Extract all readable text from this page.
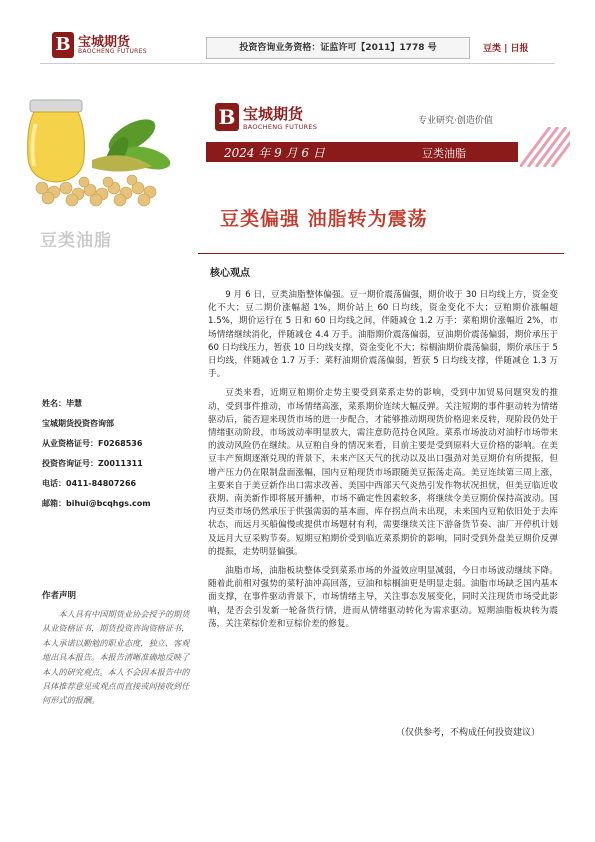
B 宝城期货
BAOCHENG FUTURES	投资咨询业务资格：证监许可【2011】1778 号	豆类 | 日报
豆类油脂
B 宝城期货
BAOCHENG FUTURES
专业研究·创造价值
2024 年 9 月 6 日	豆类油脂
豆类偏强 油脂转为震荡
核心观点

9 月 6 日，豆类油脂整体偏强。豆一期价震荡偏强，期价收于 30 日均线上方，资金变化不大；豆二期价涨幅超 1%，期价站上 60 日均线，资金变化不大；豆粕期价涨幅超 1.5%，期价运行在 5 日和 60 日均线之间，伴随减仓 1.2 万手：菜粕期价涨幅近 2%，市场情绪继续消化，伴随减仓 4.4 万手。油脂期价震荡偏弱，豆油期价震荡偏弱，期价承压于 60 日均线压力，暂获 10 日均线支撑，资金变化不大；棕榈油期价震荡偏弱，期价承压于 5 日均线，伴随减仓 1.7 万手：菜籽油期价震荡偏弱，暂获 5 日均线支撑，伴随减仓 1.3 万手。

豆类来看，近期豆粕期价走势主要受到菜系走势的影响，受到中加贸易问题突发的推动，受到事件推动，市场情绪高涨，菜系期价连续大幅反弹。关注短期的事件驱动转为情绪驱动后，能否迎来现货市场的进一步配合，才能够推动期现货价格迎来反转，现阶段仍处于情绪驱动阶段，市场波动率明显放大，需注意防范持仓风险。菜系市场波动对油籽市场带来的波动风险仍在继续。从豆粕自身的情况来看，目前主要是受到原料大豆价格的影响。在美豆丰产预期逐渐兑现的背景下，未来产区天气的扰动以及出口强劲对美豆期价有所提振，但增产压力仍在限制盘面涨幅，国内豆粕现货市场跟随美豆振荡走高。美豆连续第三周上涨，主要来自于美豆新作出口需求改善、美国中西部天气炎热引发作物状况担忧，但美豆临近收获期、南美新作即将展开播种，市场不确定性因素较多，将继续令美豆期价保持高波动。国内豆类市场仍然承压于供强需弱的基本面，库存拐点尚未出现，未来国内豆粕依旧处于去库状态，而远月买船偏慢或提供市场题材有利，需要继续关注下游备货节奏、油厂开停机计划及远月大豆采购节奏。短期豆粕期价受到临近菜系期价的影响，同时受到外盘美豆期价反弹的提振，走势明显偏强。

油脂市场，油脂板块整体受到菜系市场的外溢效应明显减弱，今日市场波动继续下降。随着此前相对强势的菜籽油冲高回落，豆油和棕榈油更是明显走弱。油脂市场缺乏国内基本面支撑，在事件驱动背景下，市场情绪主导，关注事态发展变化，同时关注现货市场受此影响，是否会引发新一轮备货行情，进而从情绪驱动转化为需求驱动。短期油脂板块转为震荡，关注菜棕价差和豆棕价差的修复。

（仅供参考，不构成任何投资建议）
姓名：毕慧
宝城期货投资咨询部
从业资格证号：F0268536
投资咨询证号：Z0011311
电话：0411-84807266
邮箱：bihui@bcqhgs.com
作者声明
本人具有中国期货业协会授予的期货从业资格证书，期货投资咨询资格证书，本人承诺以勤勉的职业态度，独立、客观地出具本报告。本报告清晰准确地反映了本人的研究观点。本人不会因本报告中的具体推荐意见或观点而直接或间接收到任何形式的报酬。
